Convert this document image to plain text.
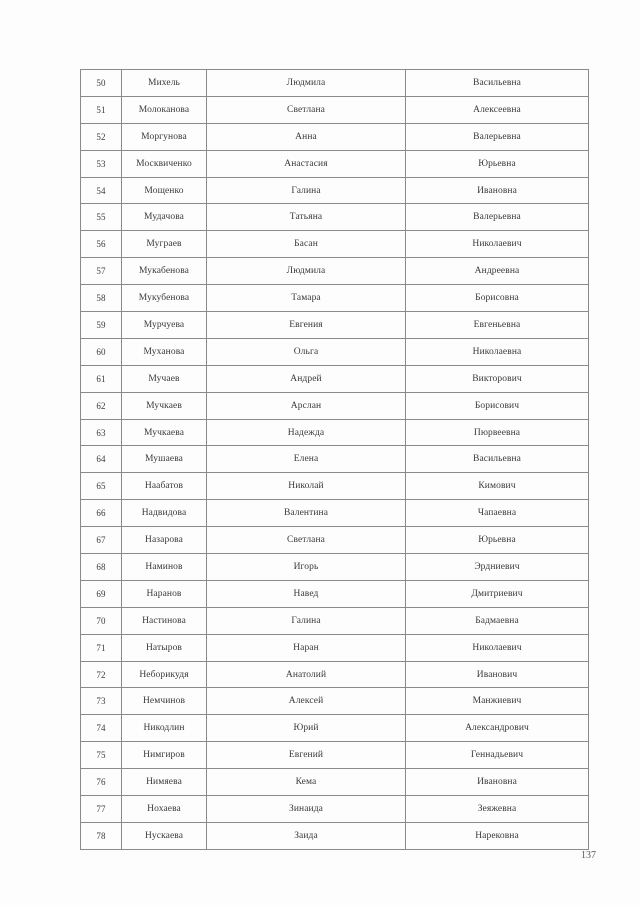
50	Михель	Людмила	Васильевна
51	Молоканова	Светлана	Алексеевна
52	Моргунова	Анна	Валерьевна
53	Москвиченко	Анастасия	Юрьевна
54	Мощенко	Галина	Ивановна
55	Мудачова	Татьяна	Валерьевна
56	Муграев	Басан	Николаевич
57	Мукабенова	Людмила	Андреевна
58	Мукубенова	Тамара	Борисовна
59	Мурчуева	Евгения	Евгеньевна
60	Муханова	Ольга	Николаевна
61	Мучаев	Андрей	Викторович
62	Мучкаев	Арслан	Борисович
63	Мучкаева	Надежда	Пюрвеевна
64	Мушаева	Елена	Васильевна
65	Наабатов	Николай	Кимович
66	Надвидова	Валентина	Чапаевна
67	Назарова	Светлана	Юрьевна
68	Наминов	Игорь	Эрдниевич
69	Наранов	Навед	Дмитриевич
70	Настинова	Галина	Бадмаевна
71	Натыров	Наран	Николаевич
72	Неборикудя	Анатолий	Иванович
73	Немчинов	Алексей	Манжиевич
74	Никодлин	Юрий	Александрович
75	Нимгиров	Евгений	Геннадьевич
76	Нимяева	Кема	Ивановна
77	Нохаева	Зинаида	Зеяжевна
78	Нускаева	Заида	Нарековна
137
